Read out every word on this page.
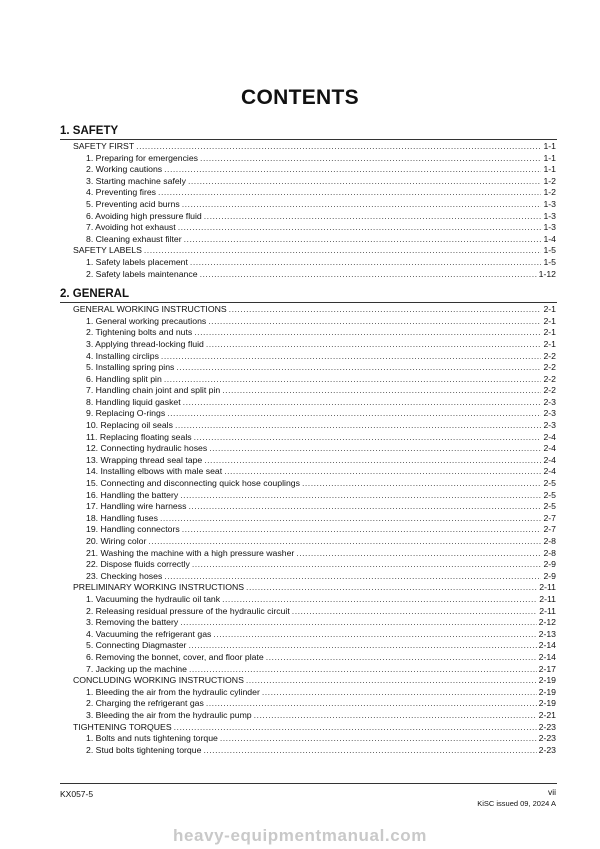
CONTENTS
1. SAFETY
SAFETY FIRST .....	1-1
1. Preparing for emergencies .....	1-1
2. Working cautions .....	1-1
3. Starting machine safely .....	1-2
4. Preventing fires .....	1-2
5. Preventing acid burns .....	1-3
6. Avoiding high pressure fluid .....	1-3
7. Avoiding hot exhaust .....	1-3
8. Cleaning exhaust filter .....	1-4
SAFETY LABELS .....	1-5
1. Safety labels placement .....	1-5
2. Safety labels maintenance .....	1-12
2. GENERAL
GENERAL WORKING INSTRUCTIONS .....	2-1
1. General working precautions .....	2-1
2. Tightening bolts and nuts .....	2-1
3. Applying thread-locking fluid .....	2-1
4. Installing circlips .....	2-2
5. Installing spring pins .....	2-2
6. Handling split pin .....	2-2
7. Handling chain joint and split pin .....	2-2
8. Handling liquid gasket .....	2-3
9. Replacing O-rings .....	2-3
10. Replacing oil seals .....	2-3
11. Replacing floating seals .....	2-4
12. Connecting hydraulic hoses .....	2-4
13. Wrapping thread seal tape .....	2-4
14. Installing elbows with male seat .....	2-4
15. Connecting and disconnecting quick hose couplings .....	2-5
16. Handling the battery .....	2-5
17. Handling wire harness .....	2-5
18. Handling fuses .....	2-7
19. Handling connectors .....	2-7
20. Wiring color .....	2-8
21. Washing the machine with a high pressure washer .....	2-8
22. Dispose fluids correctly .....	2-9
23. Checking hoses .....	2-9
PRELIMINARY WORKING INSTRUCTIONS .....	2-11
1. Vacuuming the hydraulic oil tank .....	2-11
2. Releasing residual pressure of the hydraulic circuit .....	2-11
3. Removing the battery .....	2-12
4. Vacuuming the refrigerant gas .....	2-13
5. Connecting Diagmaster .....	2-14
6. Removing the bonnet, cover, and floor plate .....	2-14
7. Jacking up the machine .....	2-17
CONCLUDING WORKING INSTRUCTIONS .....	2-19
1. Bleeding the air from the hydraulic cylinder .....	2-19
2. Charging the refrigerant gas .....	2-19
3. Bleeding the air from the hydraulic pump .....	2-21
TIGHTENING TORQUES .....	2-23
1. Bolts and nuts tightening torque .....	2-23
2. Stud bolts tightening torque .....	2-23
KX057-5	vii
KiSC issued 09, 2024 A
heavy-equipmentmanual.com
